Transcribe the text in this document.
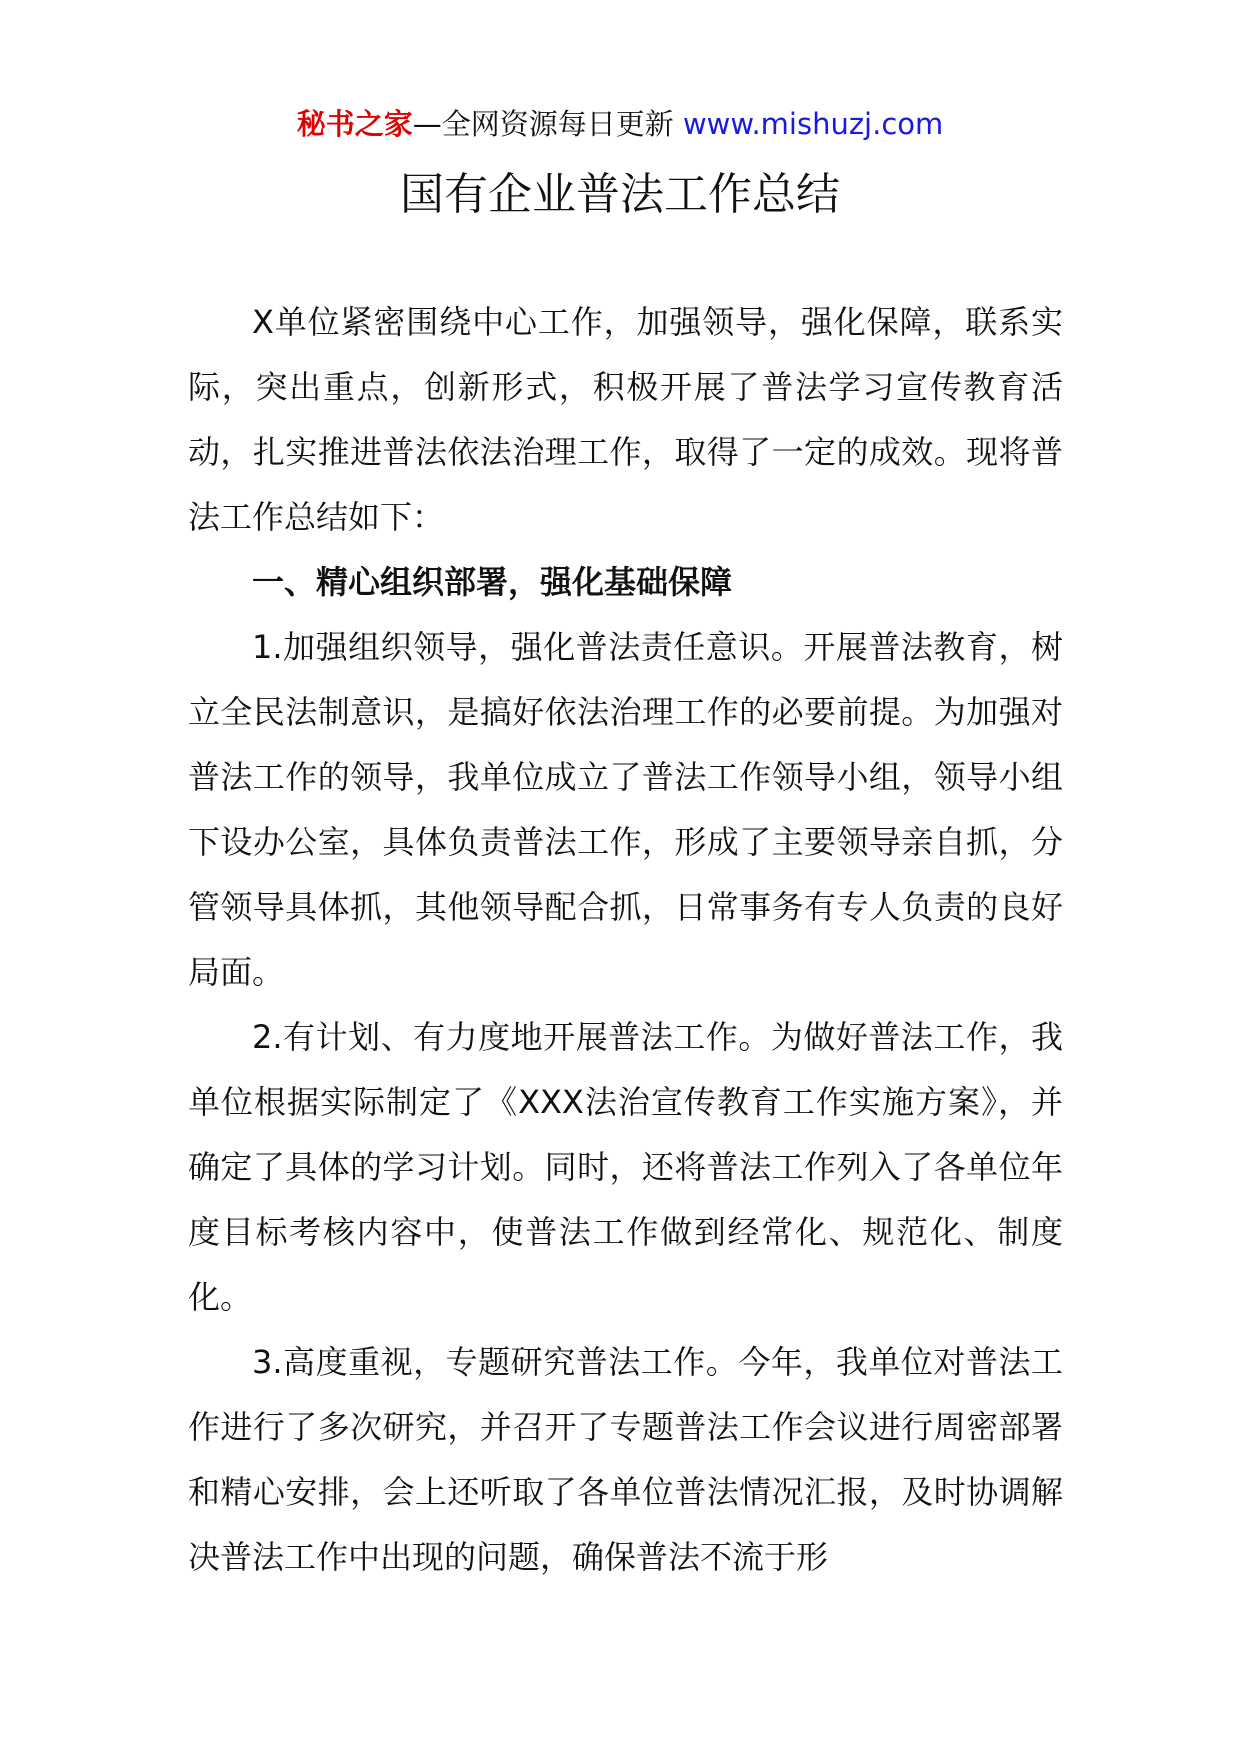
秘书之家—全网资源每日更新 www.mishuzj.com
国有企业普法工作总结

X单位紧密围绕中心工作，加强领导，强化保障，联系实际，突出重点，创新形式，积极开展了普法学习宣传教育活动，扎实推进普法依法治理工作，取得了一定的成效。现将普法工作总结如下：

一、精心组织部署，强化基础保障

1.加强组织领导，强化普法责任意识。开展普法教育，树立全民法制意识，是搞好依法治理工作的必要前提。为加强对普法工作的领导，我单位成立了普法工作领导小组，领导小组下设办公室，具体负责普法工作，形成了主要领导亲自抓，分管领导具体抓，其他领导配合抓，日常事务有专人负责的良好局面。

2.有计划、有力度地开展普法工作。为做好普法工作，我单位根据实际制定了《XXX法治宣传教育工作实施方案》，并确定了具体的学习计划。同时，还将普法工作列入了各单位年度目标考核内容中，使普法工作做到经常化、规范化、制度化。

3.高度重视，专题研究普法工作。今年，我单位对普法工作进行了多次研究，并召开了专题普法工作会议进行周密部署和精心安排，会上还听取了各单位普法情况汇报，及时协调解决普法工作中出现的问题，确保普法不流于形
